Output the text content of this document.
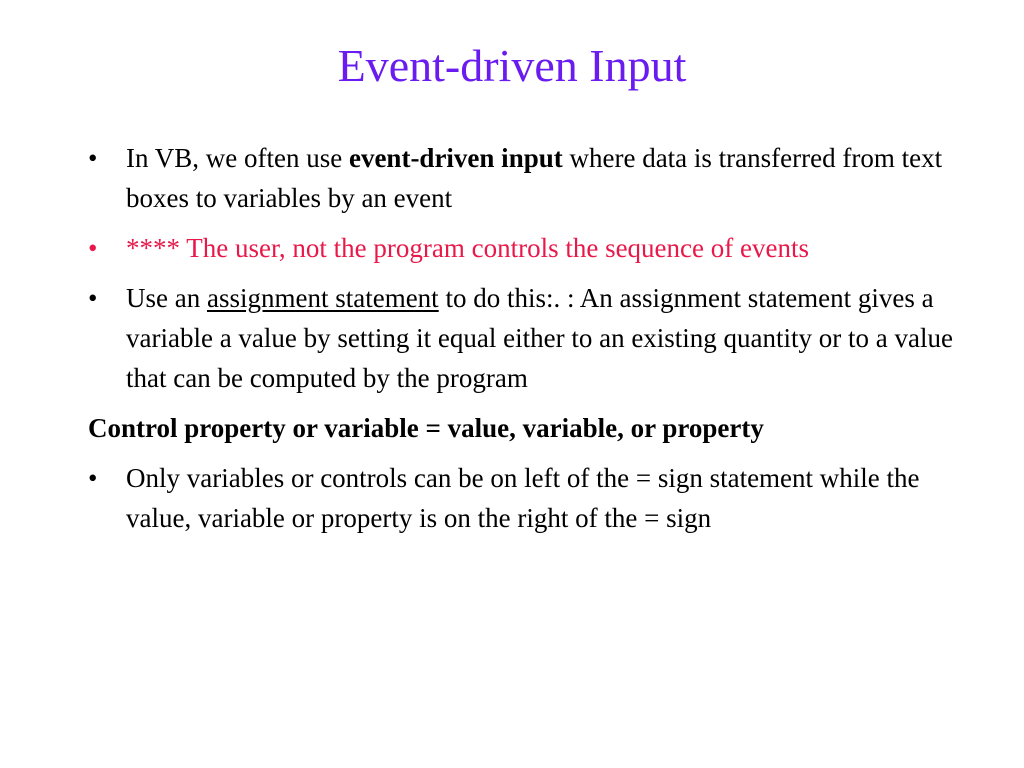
Event-driven Input
•	In VB, we often use event-driven input where data is transferred from text boxes to variables by an event
•	**** The user, not the program controls the sequence of events
•	Use an assignment statement to do this:. : An assignment statement gives a variable a value by setting it equal either to an existing quantity or to a value that can be computed by the program
Control property or variable = value, variable, or property
•	Only variables or controls can be on left of the = sign statement while the value, variable or property is on the right of the = sign
